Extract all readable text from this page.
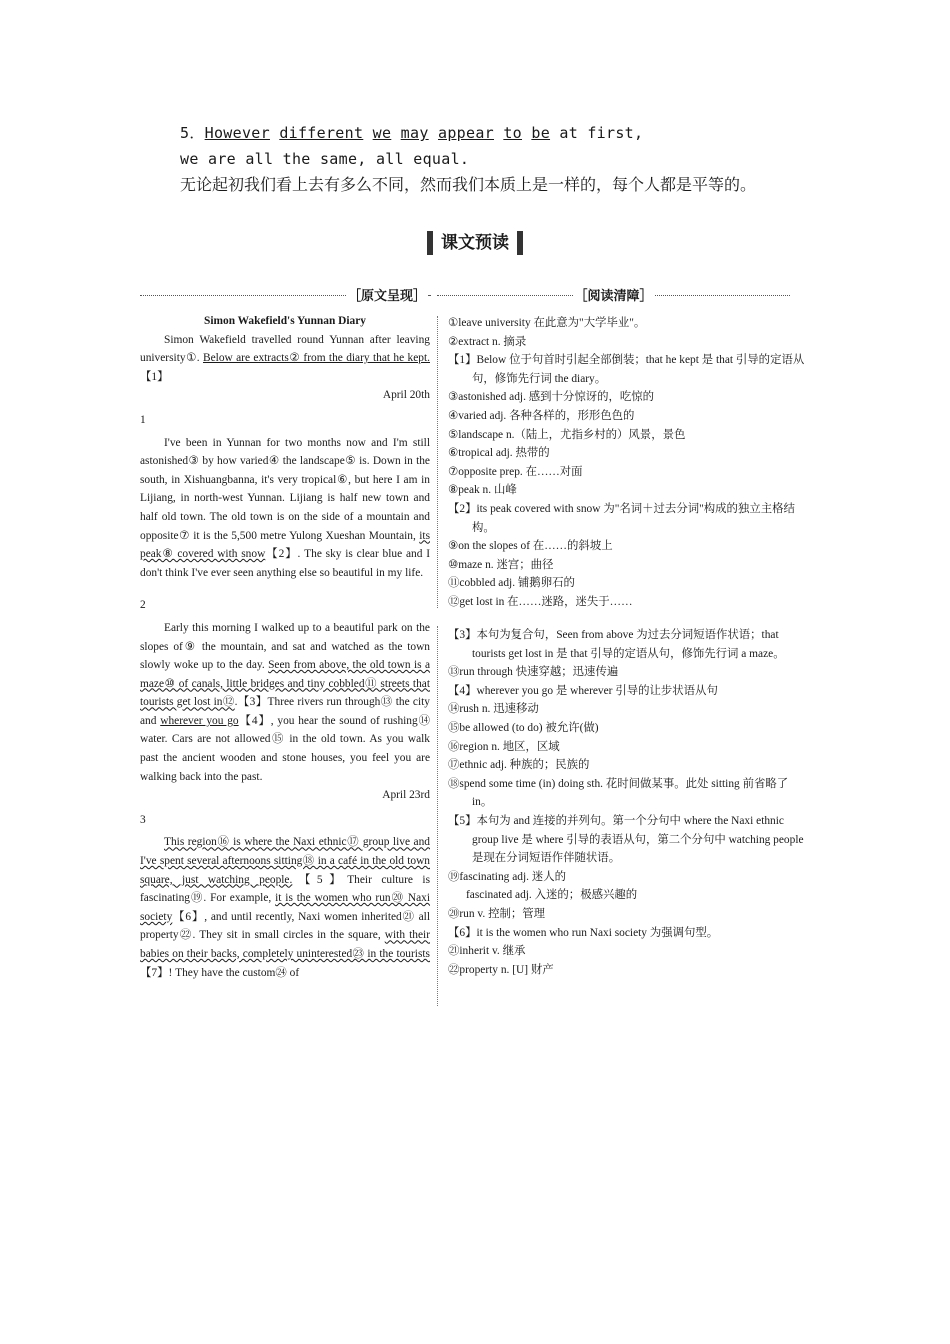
5．However different we may appear to be at first,
we are all the same, all equal.
无论起初我们看上去有多么不同，然而我们本质上是一样的，每个人都是平等的。
课文预读
［原文呈现］	［阅读清障］

Simon Wakefield's Yunnan Diary

Simon Wakefield travelled round Yunnan after leaving university①. Below are extracts② from the diary that he kept.【1】

April 20th

1

I've been in Yunnan for two months now and I'm still astonished③ by how varied④ the landscape⑤ is. Down in the south, in Xishuangbanna, it's very tropical⑥, but here I am in Lijiang, in north-west Yunnan. Lijiang is half new town and half old town. The old town is on the side of a mountain and opposite⑦ it is the 5,500 metre Yulong Xueshan Mountain, its peak⑧ covered with snow【2】. The sky is clear blue and I don't think I've ever seen anything else so beautiful in my life.

2

Early this morning I walked up to a beautiful park on the slopes of⑨ the mountain, and sat and watched as the town slowly woke up to the day. Seen from above, the old town is a maze⑩ of canals, little bridges and tiny cobbled⑪ streets that tourists get lost in⑫.【3】Three rivers run through⑬ the city and wherever you go【4】, you hear the sound of rushing⑭ water. Cars are not allowed⑮ in the old town. As you walk past the ancient wooden and stone houses, you feel you are walking back into the past.

April 23rd

3

This region⑯ is where the Naxi ethnic⑰ group live and I've spent several afternoons sitting⑱ in a café in the old town square, just watching people.【5】Their culture is fascinating⑲. For example, it is the women who run⑳ Naxi society【6】, and until recently, Naxi women inherited㉑ all property㉒. They sit in small circles in the square, with their babies on their backs, completely uninterested㉓ in the tourists【7】! They have the custom㉔ of

①leave university 在此意为"大学毕业"。

②extract n. 摘录

【1】Below 位于句首时引起全部倒装；that he kept 是 that 引导的定语从句，修饰先行词 the diary。

③astonished adj. 感到十分惊讶的，吃惊的

④varied adj. 各种各样的，形形色色的

⑤landscape n.（陆上，尤指乡村的）风景，景色

⑥tropical adj. 热带的

⑦opposite prep. 在……对面

⑧peak n. 山峰

【2】its peak covered with snow 为"名词＋过去分词"构成的独立主格结构。

⑨on the slopes of 在……的斜坡上

⑩maze n. 迷宫；曲径

⑪cobbled adj. 铺鹅卵石的

⑫get lost in 在……迷路，迷失于……

【3】本句为复合句，Seen from above 为过去分词短语作状语；that tourists get lost in 是 that 引导的定语从句，修饰先行词 a maze。

⑬run through 快速穿越；迅速传遍

【4】wherever you go 是 wherever 引导的让步状语从句

⑭rush n. 迅速移动

⑮be allowed (to do) 被允许(做)

⑯region n. 地区，区域

⑰ethnic adj. 种族的；民族的

⑱spend some time (in) doing sth. 花时间做某事。此处 sitting 前省略了 in。

【5】本句为 and 连接的并列句。第一个分句中 where the Naxi ethnic group live 是 where 引导的表语从句，第二个分句中 watching people 是现在分词短语作伴随状语。

⑲fascinating adj. 迷人的

fascinated adj. 入迷的；极感兴趣的

⑳run v. 控制；管理

【6】it is the women who run Naxi society 为强调句型。

㉑inherit v. 继承

㉒property n. [U] 财产
